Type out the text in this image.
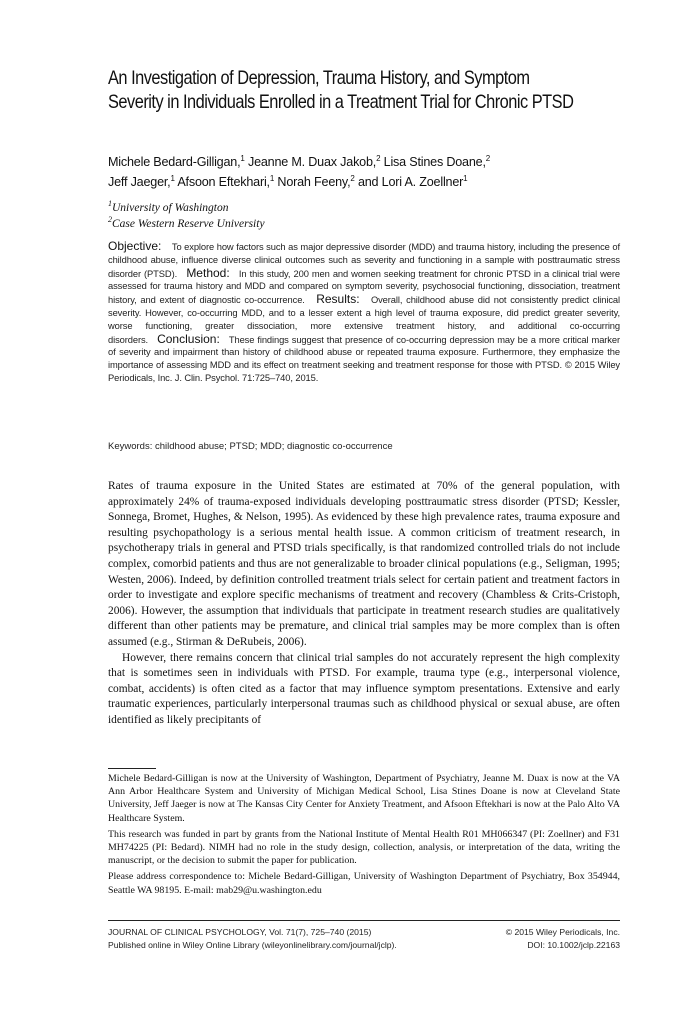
An Investigation of Depression, Trauma History, and Symptom
Severity in Individuals Enrolled in a Treatment Trial for Chronic PTSD
Michele Bedard-Gilligan,$^1$ Jeanne M. Duax Jakob,$^2$ Lisa Stines Doane,$^2$
Jeff Jaeger,$^1$ Afsoon Eftekhari,$^1$ Norah Feeny,$^2$ and Lori A. Zoellner$^1$
$^1$University of Washington
$^2$Case Western Reserve University
Objective: To explore how factors such as major depressive disorder (MDD) and trauma history, including the presence of childhood abuse, influence diverse clinical outcomes such as severity and functioning in a sample with posttraumatic stress disorder (PTSD). Method: In this study, 200 men and women seeking treatment for chronic PTSD in a clinical trial were assessed for trauma history and MDD and compared on symptom severity, psychosocial functioning, dissociation, treatment history, and extent of diagnostic co-occurrence. Results: Overall, childhood abuse did not consistently predict clinical severity. However, co-occurring MDD, and to a lesser extent a high level of trauma exposure, did predict greater severity, worse functioning, greater dissociation, more extensive treatment history, and additional co-occurring disorders. Conclusion: These findings suggest that presence of co-occurring depression may be a more critical marker of severity and impairment than history of childhood abuse or repeated trauma exposure. Furthermore, they emphasize the importance of assessing MDD and its effect on treatment seeking and treatment response for those with PTSD. © 2015 Wiley Periodicals, Inc. J. Clin. Psychol. 71:725–740, 2015.
Keywords: childhood abuse; PTSD; MDD; diagnostic co-occurrence

Rates of trauma exposure in the United States are estimated at 70% of the general population, with approximately 24% of trauma-exposed individuals developing posttraumatic stress disorder (PTSD; Kessler, Sonnega, Bromet, Hughes, & Nelson, 1995). As evidenced by these high prevalence rates, trauma exposure and resulting psychopathology is a serious mental health issue. A common criticism of treatment research, in psychotherapy trials in general and PTSD trials specifically, is that randomized controlled trials do not include complex, comorbid patients and thus are not generalizable to broader clinical populations (e.g., Seligman, 1995; Westen, 2006). Indeed, by definition controlled treatment trials select for certain patient and treatment factors in order to investigate and explore specific mechanisms of treatment and recovery (Chambless & Crits-Cristoph, 2006). However, the assumption that individuals that participate in treatment research studies are qualitatively different than other patients may be premature, and clinical trial samples may be more complex than is often assumed (e.g., Stirman & DeRubeis, 2006).

However, there remains concern that clinical trial samples do not accurately represent the high complexity that is sometimes seen in individuals with PTSD. For example, trauma type (e.g., interpersonal violence, combat, accidents) is often cited as a factor that may influence symptom presentations. Extensive and early traumatic experiences, particularly interpersonal traumas such as childhood physical or sexual abuse, are often identified as likely precipitants of

Michele Bedard-Gilligan is now at the University of Washington, Department of Psychiatry, Jeanne M. Duax is now at the VA Ann Arbor Healthcare System and University of Michigan Medical School, Lisa Stines Doane is now at Cleveland State University, Jeff Jaeger is now at The Kansas City Center for Anxiety Treatment, and Afsoon Eftekhari is now at the Palo Alto VA Healthcare System.

This research was funded in part by grants from the National Institute of Mental Health R01 MH066347 (PI: Zoellner) and F31 MH74225 (PI: Bedard). NIMH had no role in the study design, collection, analysis, or interpretation of the data, writing the manuscript, or the decision to submit the paper for publication.

Please address correspondence to: Michele Bedard-Gilligan, University of Washington Department of Psychiatry, Box 354944, Seattle WA 98195. E-mail: mab29@u.washington.edu

JOURNAL OF CLINICAL PSYCHOLOGY, Vol. 71(7), 725–740 (2015)	© 2015 Wiley Periodicals, Inc.
Published online in Wiley Online Library (wileyonlinelibrary.com/journal/jclp).	DOI: 10.1002/jclp.22163
